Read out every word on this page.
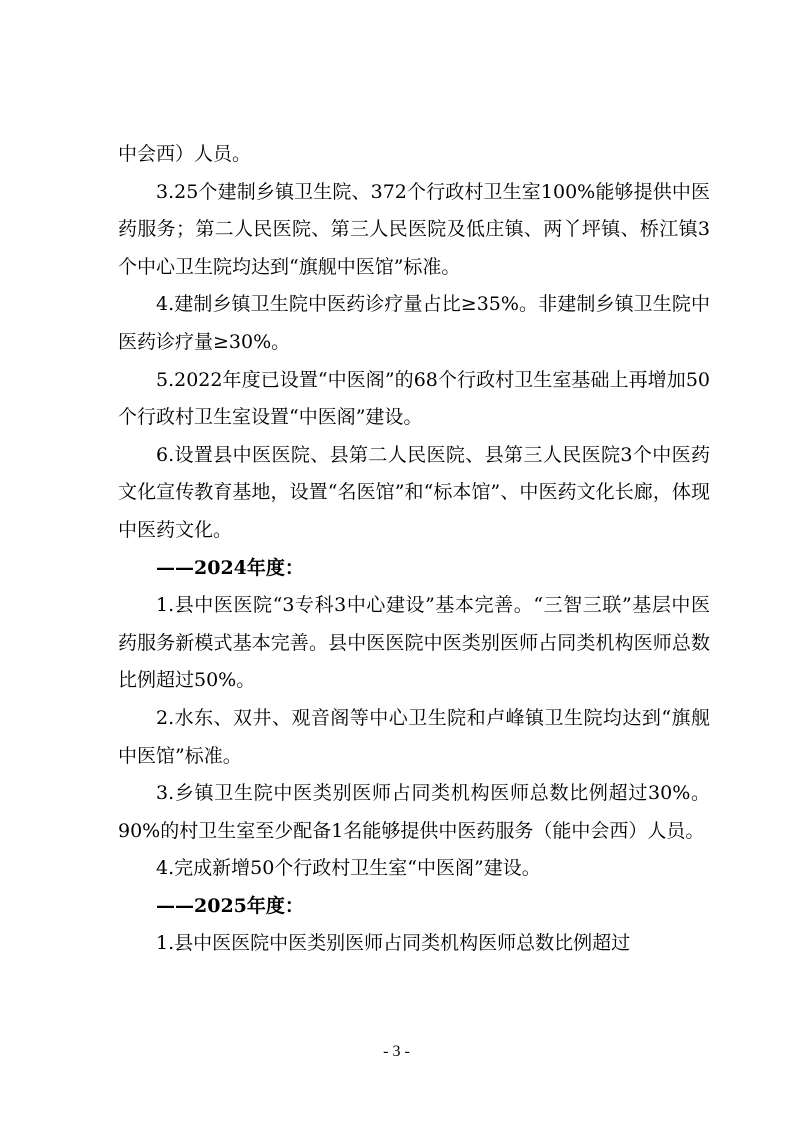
中会西）人员。

3.25个建制乡镇卫生院、372个行政村卫生室100%能够提供中医药服务；第二人民医院、第三人民医院及低庄镇、两丫坪镇、桥江镇3个中心卫生院均达到“旗舰中医馆”标准。

4.建制乡镇卫生院中医药诊疗量占比≥35%。非建制乡镇卫生院中医药诊疗量≥30%。

5.2022年度已设置“中医阁”的68个行政村卫生室基础上再增加50个行政村卫生室设置“中医阁”建设。

6.设置县中医医院、县第二人民医院、县第三人民医院3个中医药文化宣传教育基地，设置“名医馆”和“标本馆”、中医药文化长廊，体现中医药文化。

——2024年度：

1.县中医医院“3专科3中心建设”基本完善。“三智三联”基层中医药服务新模式基本完善。县中医医院中医类别医师占同类机构医师总数比例超过50%。

2.水东、双井、观音阁等中心卫生院和卢峰镇卫生院均达到“旗舰中医馆”标准。

3.乡镇卫生院中医类别医师占同类机构医师总数比例超过30%。90%的村卫生室至少配备1名能够提供中医药服务（能中会西）人员。

4.完成新增50个行政村卫生室“中医阁”建设。

——2025年度：

1.县中医医院中医类别医师占同类机构医师总数比例超过

- 3 -
